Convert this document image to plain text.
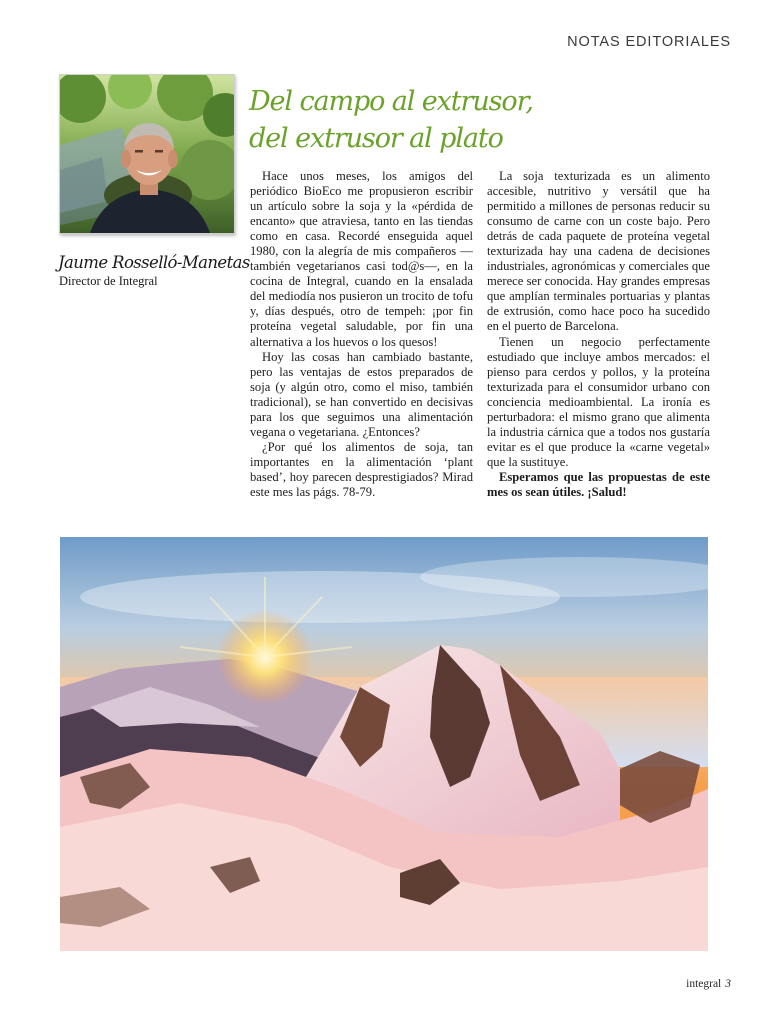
NOTAS EDITORIALES
Jaume Rosselló-Manetas
Director de Integral
Del campo al extrusor,
del extrusor al plato

Hace unos meses, los amigos del periódico BioEco me propusieron escribir un artículo sobre la soja y la «pérdida de encanto» que atraviesa, tanto en las tiendas como en casa. Recordé enseguida aquel 1980, con la alegría de mis compañeros —también vegetarianos casi tod@s—, en la cocina de Integral, cuando en la ensalada del mediodía nos pusieron un trocito de tofu y, días después, otro de tempeh: ¡por fin proteína vegetal saludable, por fin una alternativa a los huevos o los quesos!

Hoy las cosas han cambiado bastante, pero las ventajas de estos preparados de soja (y algún otro, como el miso, también tradicional), se han convertido en decisivas para los que seguimos una alimentación vegana o vegetariana. ¿Entonces?

¿Por qué los alimentos de soja, tan importantes en la alimentación ‘plant based’, hoy parecen desprestigiados? Mirad este mes las págs. 78-79.

La soja texturizada es un alimento accesible, nutritivo y versátil que ha permitido a millones de personas reducir su consumo de carne con un coste bajo. Pero detrás de cada paquete de proteína vegetal texturizada hay una cadena de decisiones industriales, agronómicas y comerciales que merece ser conocida. Hay grandes empresas que amplían terminales portuarias y plantas de extrusión, como hace poco ha sucedido en el puerto de Barcelona.

Tienen un negocio perfectamente estudiado que incluye ambos mercados: el pienso para cerdos y pollos, y la proteína texturizada para el consumidor urbano con conciencia medioambiental. La ironía es perturbadora: el mismo grano que alimenta la industria cárnica que a todos nos gustaría evitar es el que produce la «carne vegetal» que la sustituye.

Esperamos que las propuestas de este mes os sean útiles. ¡Salud!

integral 3
